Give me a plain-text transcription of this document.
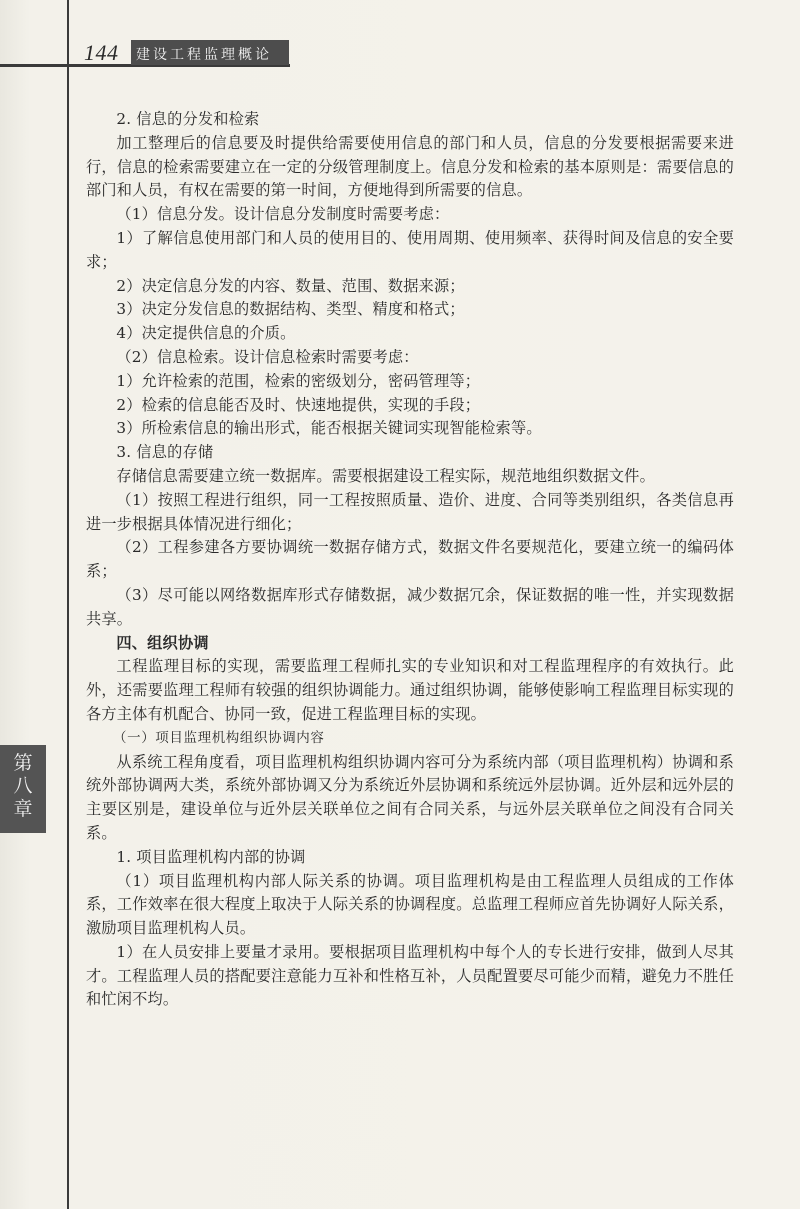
144 建设工程监理概论
第八章

2. 信息的分发和检索

加工整理后的信息要及时提供给需要使用信息的部门和人员，信息的分发要根据需要来进行，信息的检索需要建立在一定的分级管理制度上。信息分发和检索的基本原则是：需要信息的部门和人员，有权在需要的第一时间，方便地得到所需要的信息。

（1）信息分发。设计信息分发制度时需要考虑：

1）了解信息使用部门和人员的使用目的、使用周期、使用频率、获得时间及信息的安全要求；

2）决定信息分发的内容、数量、范围、数据来源；

3）决定分发信息的数据结构、类型、精度和格式；

4）决定提供信息的介质。

（2）信息检索。设计信息检索时需要考虑：

1）允许检索的范围，检索的密级划分，密码管理等；

2）检索的信息能否及时、快速地提供，实现的手段；

3）所检索信息的输出形式，能否根据关键词实现智能检索等。

3. 信息的存储

存储信息需要建立统一数据库。需要根据建设工程实际，规范地组织数据文件。

（1）按照工程进行组织，同一工程按照质量、造价、进度、合同等类别组织，各类信息再进一步根据具体情况进行细化；

（2）工程参建各方要协调统一数据存储方式，数据文件名要规范化，要建立统一的编码体系；

（3）尽可能以网络数据库形式存储数据，减少数据冗余，保证数据的唯一性，并实现数据共享。

四、组织协调

工程监理目标的实现，需要监理工程师扎实的专业知识和对工程监理程序的有效执行。此外，还需要监理工程师有较强的组织协调能力。通过组织协调，能够使影响工程监理目标实现的各方主体有机配合、协同一致，促进工程监理目标的实现。

（一）项目监理机构组织协调内容

从系统工程角度看，项目监理机构组织协调内容可分为系统内部（项目监理机构）协调和系统外部协调两大类，系统外部协调又分为系统近外层协调和系统远外层协调。近外层和远外层的主要区别是，建设单位与近外层关联单位之间有合同关系，与远外层关联单位之间没有合同关系。

1. 项目监理机构内部的协调

（1）项目监理机构内部人际关系的协调。项目监理机构是由工程监理人员组成的工作体系，工作效率在很大程度上取决于人际关系的协调程度。总监理工程师应首先协调好人际关系，激励项目监理机构人员。

1）在人员安排上要量才录用。要根据项目监理机构中每个人的专长进行安排，做到人尽其才。工程监理人员的搭配要注意能力互补和性格互补，人员配置要尽可能少而精，避免力不胜任和忙闲不均。
